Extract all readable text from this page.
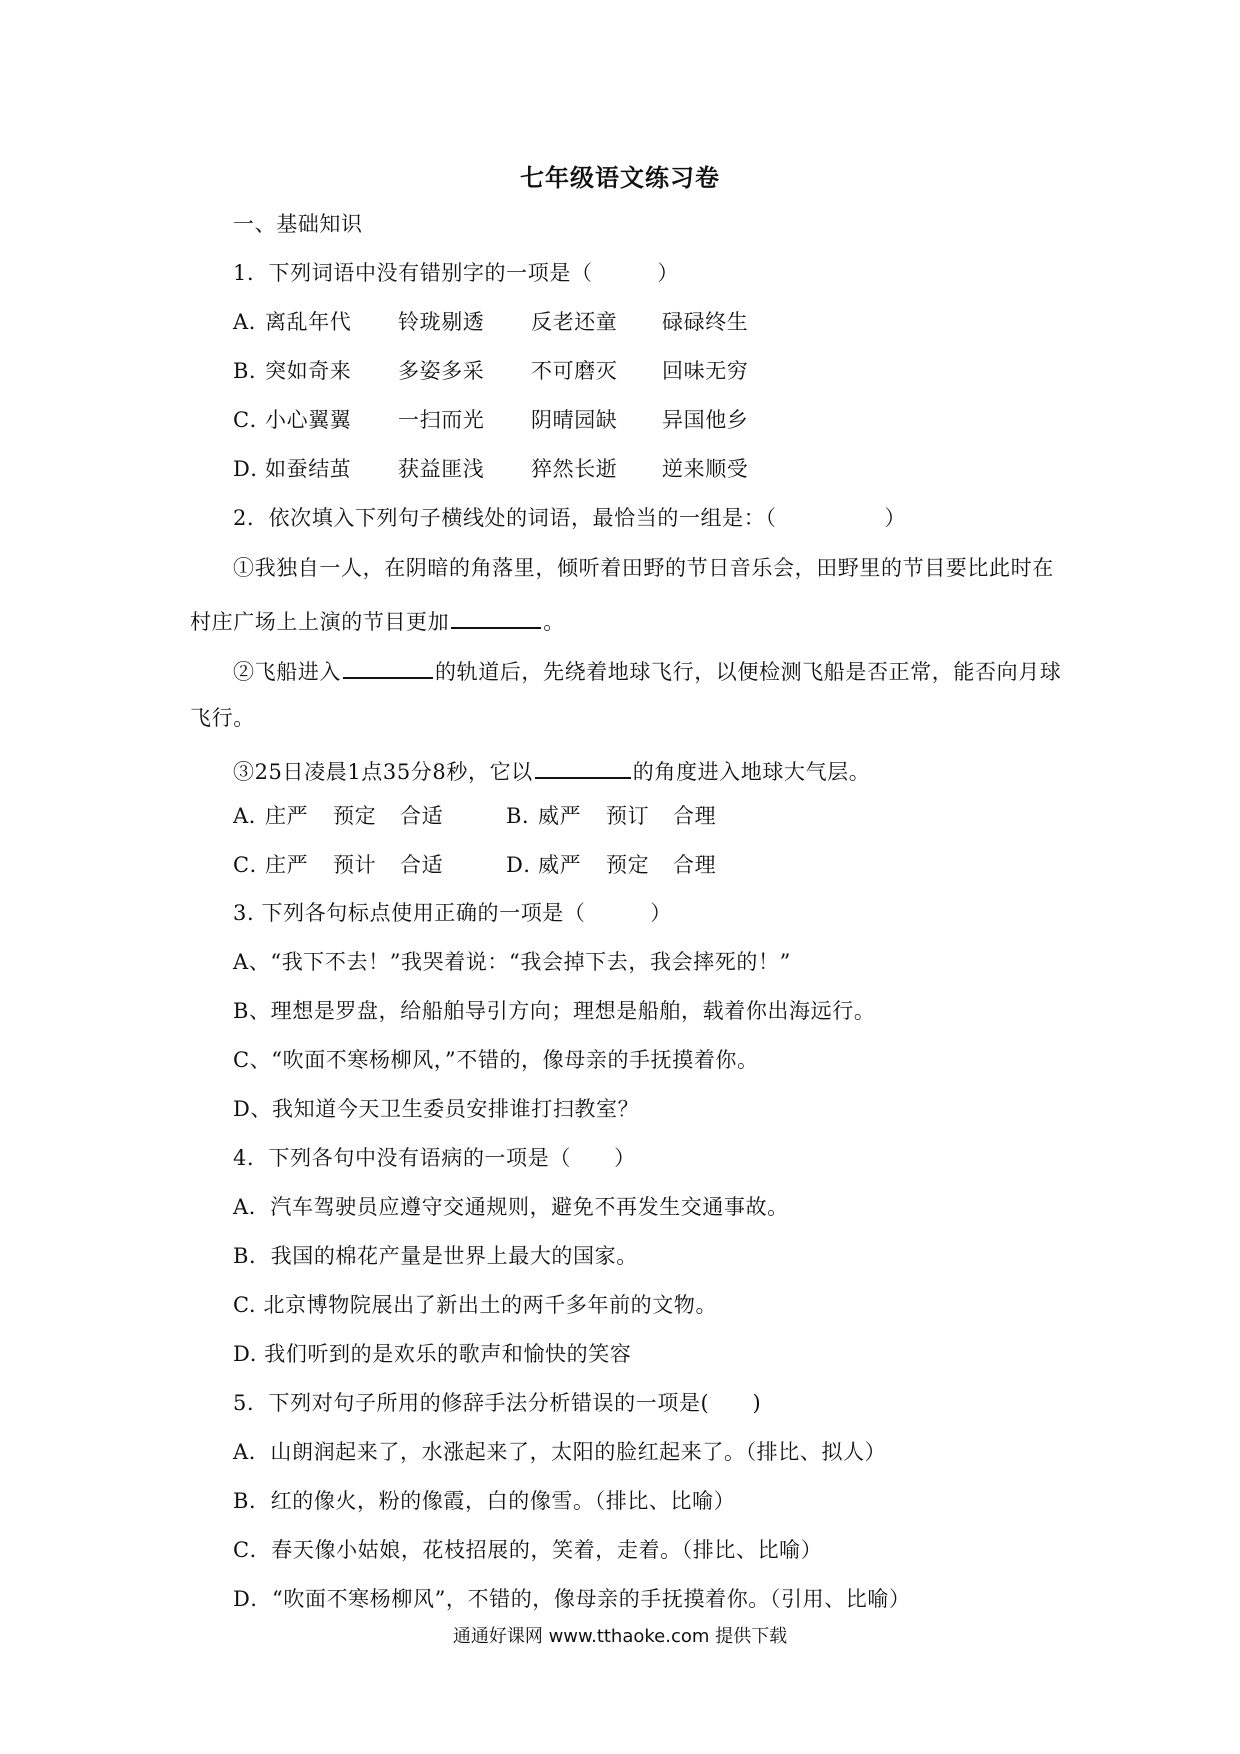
七年级语文练习卷
一、基础知识
1．下列词语中没有错别字的一项是（　　　）
A．
离乱年代 铃珑剔透 反老还童 碌碌终生
B．
突如奇来 多姿多采 不可磨灭 回味无穷
C．
小心翼翼 一扫而光 阴晴园缺 异国他乡
D．
如蚕结茧 获益匪浅 猝然长逝 逆来顺受
2．依次填入下列句子横线处的词语，最恰当的一组是：（　　　　　）
①我独自一人，在阴暗的角落里，倾听着田野的节日音乐会，田野里的节目要比此时在
村庄广场上上演的节目更加	。
②飞船进入	的轨道后，先绕着地球飞行，以便检测飞船是否正常，能否向月球
飞行。
③25日凌晨1点35分8秒，它以	的角度进入地球大气层。
A．
庄严 预定 合适	B．
威严 预订 合理
C．
庄严 预计 合适	D．
威严 预定 合理
3. 下列各句标点使用正确的一项是（　　　）
A、“我下不去！”我哭着说：“我会掉下去，我会摔死的！”
B、理想是罗盘，给船舶导引方向；理想是船舶，载着你出海远行。
C、“吹面不寒杨柳风，”不错的，像母亲的手抚摸着你。
D、我知道今天卫生委员安排谁打扫教室？
4．下列各句中没有语病的一项是（　　）
A．汽车驾驶员应遵守交通规则，避免不再发生交通事故。
B．我国的棉花产量是世界上最大的国家。
C. 北京博物院展出了新出土的两千多年前的文物。
D. 我们听到的是欢乐的歌声和愉快的笑容
5．下列对句子所用的修辞手法分析错误的一项是(　　)
A．山朗润起来了，水涨起来了，太阳的脸红起来了。（排比、拟人）
B．红的像火，粉的像霞，白的像雪。（排比、比喻）
C．春天像小姑娘，花枝招展的，笑着，走着。（排比、比喻）
D．“吹面不寒杨柳风”，不错的，像母亲的手抚摸着你。（引用、比喻）
通通好课网 www.tthaoke.com 提供下载
